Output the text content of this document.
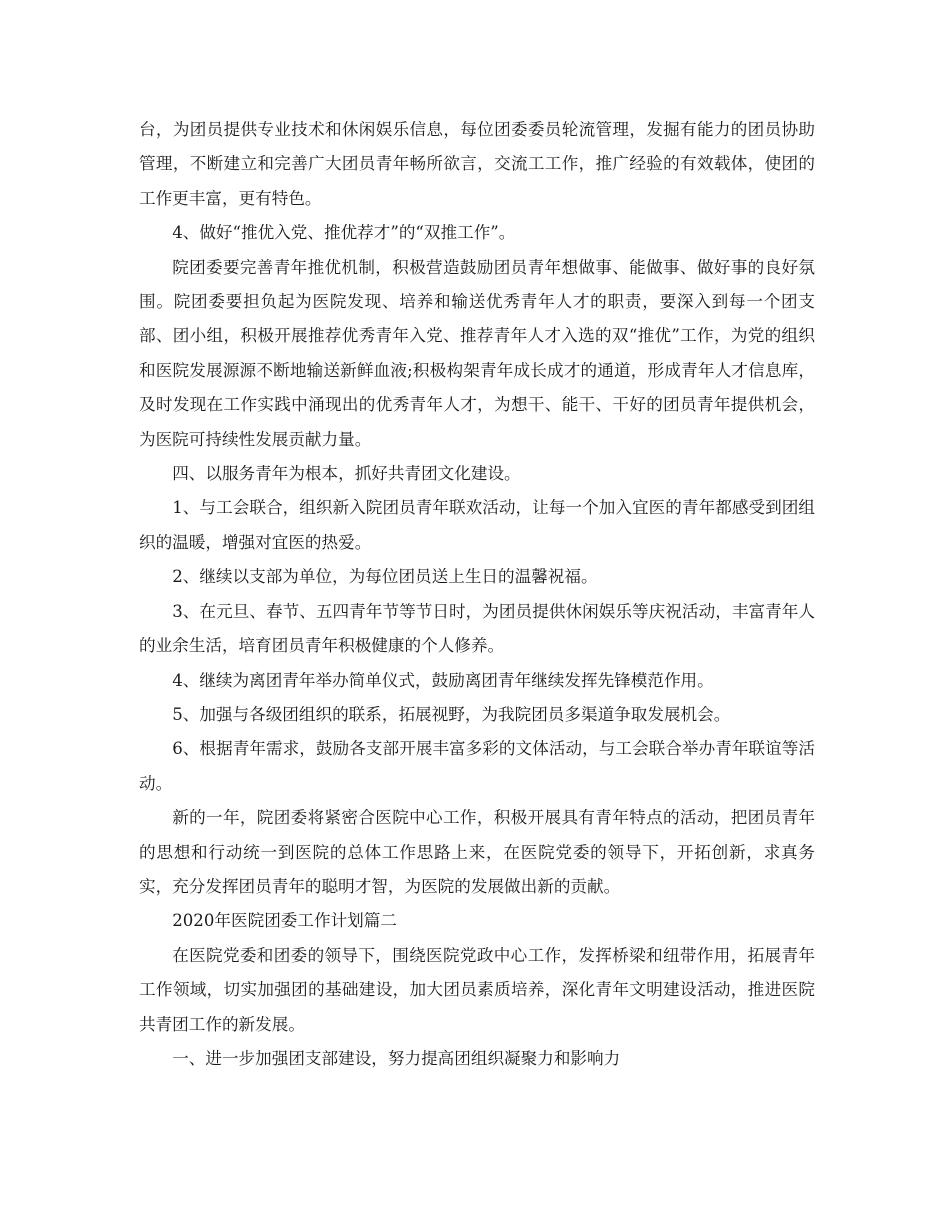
台，为团员提供专业技术和休闲娱乐信息，每位团委委员轮流管理，发掘有能力的团员协助管理，不断建立和完善广大团员青年畅所欲言，交流工工作，推广经验的有效载体，使团的工作更丰富，更有特色。

4、做好“推优入党、推优荐才”的“双推工作”。

院团委要完善青年推优机制，积极营造鼓励团员青年想做事、能做事、做好事的良好氛围。院团委要担负起为医院发现、培养和输送优秀青年人才的职责，要深入到每一个团支部、团小组，积极开展推荐优秀青年入党、推荐青年人才入选的双“推优”工作，为党的组织和医院发展源源不断地输送新鲜血液;积极构架青年成长成才的通道，形成青年人才信息库，及时发现在工作实践中涌现出的优秀青年人才，为想干、能干、干好的团员青年提供机会，为医院可持续性发展贡献力量。

四、以服务青年为根本，抓好共青团文化建设。

1、与工会联合，组织新入院团员青年联欢活动，让每一个加入宜医的青年都感受到团组织的温暖，增强对宜医的热爱。

2、继续以支部为单位，为每位团员送上生日的温馨祝福。

3、在元旦、春节、五四青年节等节日时，为团员提供休闲娱乐等庆祝活动，丰富青年人的业余生活，培育团员青年积极健康的个人修养。

4、继续为离团青年举办简单仪式，鼓励离团青年继续发挥先锋模范作用。

5、加强与各级团组织的联系，拓展视野，为我院团员多渠道争取发展机会。

6、根据青年需求，鼓励各支部开展丰富多彩的文体活动，与工会联合举办青年联谊等活动。

新的一年，院团委将紧密合医院中心工作，积极开展具有青年特点的活动，把团员青年的思想和行动统一到医院的总体工作思路上来，在医院党委的领导下，开拓创新，求真务实，充分发挥团员青年的聪明才智，为医院的发展做出新的贡献。

2020年医院团委工作计划篇二

在医院党委和团委的领导下，围绕医院党政中心工作，发挥桥梁和纽带作用，拓展青年工作领域，切实加强团的基础建设，加大团员素质培养，深化青年文明建设活动，推进医院共青团工作的新发展。

一、进一步加强团支部建设，努力提高团组织凝聚力和影响力
